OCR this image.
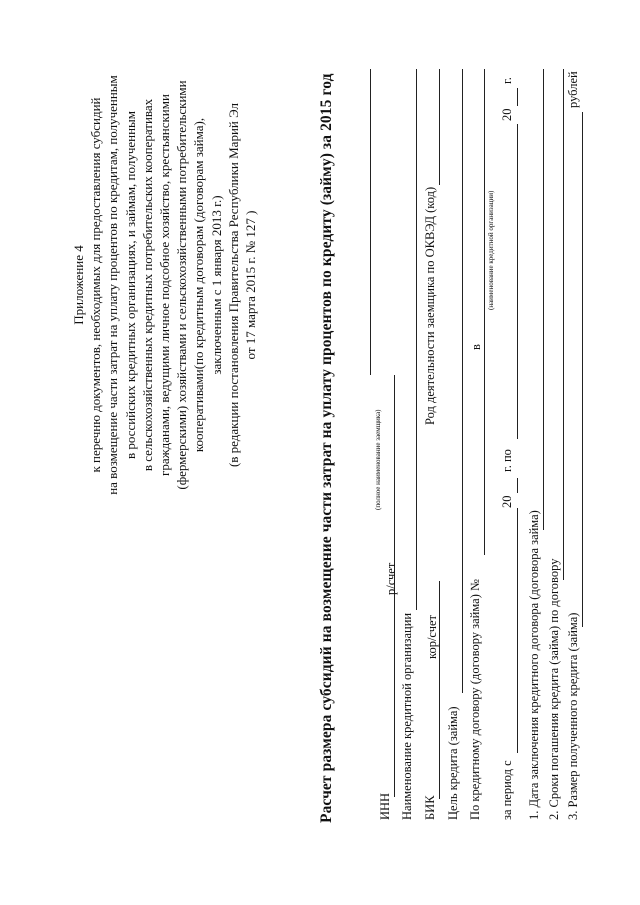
Приложение 4 к перечню документов, необходимых для предоставления субсидий на возмещение части затрат на уплату процентов по кредитам, полученным в российских кредитных организациях, и займам, полученным в сельскохозяйственных кредитных потребительских кооперативах гражданами, ведущими личное подсобное хозяйство, крестьянскими (фермерскими) хозяйствами и сельскохозяйственными потребительскими кооперативами(по кредитным договорам (договорам займа), заключенным с 1 января 2013 г.) (в редакции постановления Правительства Республики Марий Эл от 17 марта 2015 г. № 127 )	Расчет размера субсидий на возмещение части затрат на уплату процентов по кредиту (займу) за 2015 год	ИНН
р/счет
(полное наименование заемщика)
Наименование кредитной организации БИК
кор/счет
Род деятельности заемщика по ОКВЭД (код)
Цель кредита (займа) По кредитному договору (договору займа) №
в
(наименование кредитной организации)
за период с
20
г. по
20
г.
1. Дата заключения кредитного договора (договора займа) 2. Сроки погашения кредита (займа) по договору 3. Размер полученного кредита (займа)
рублей
